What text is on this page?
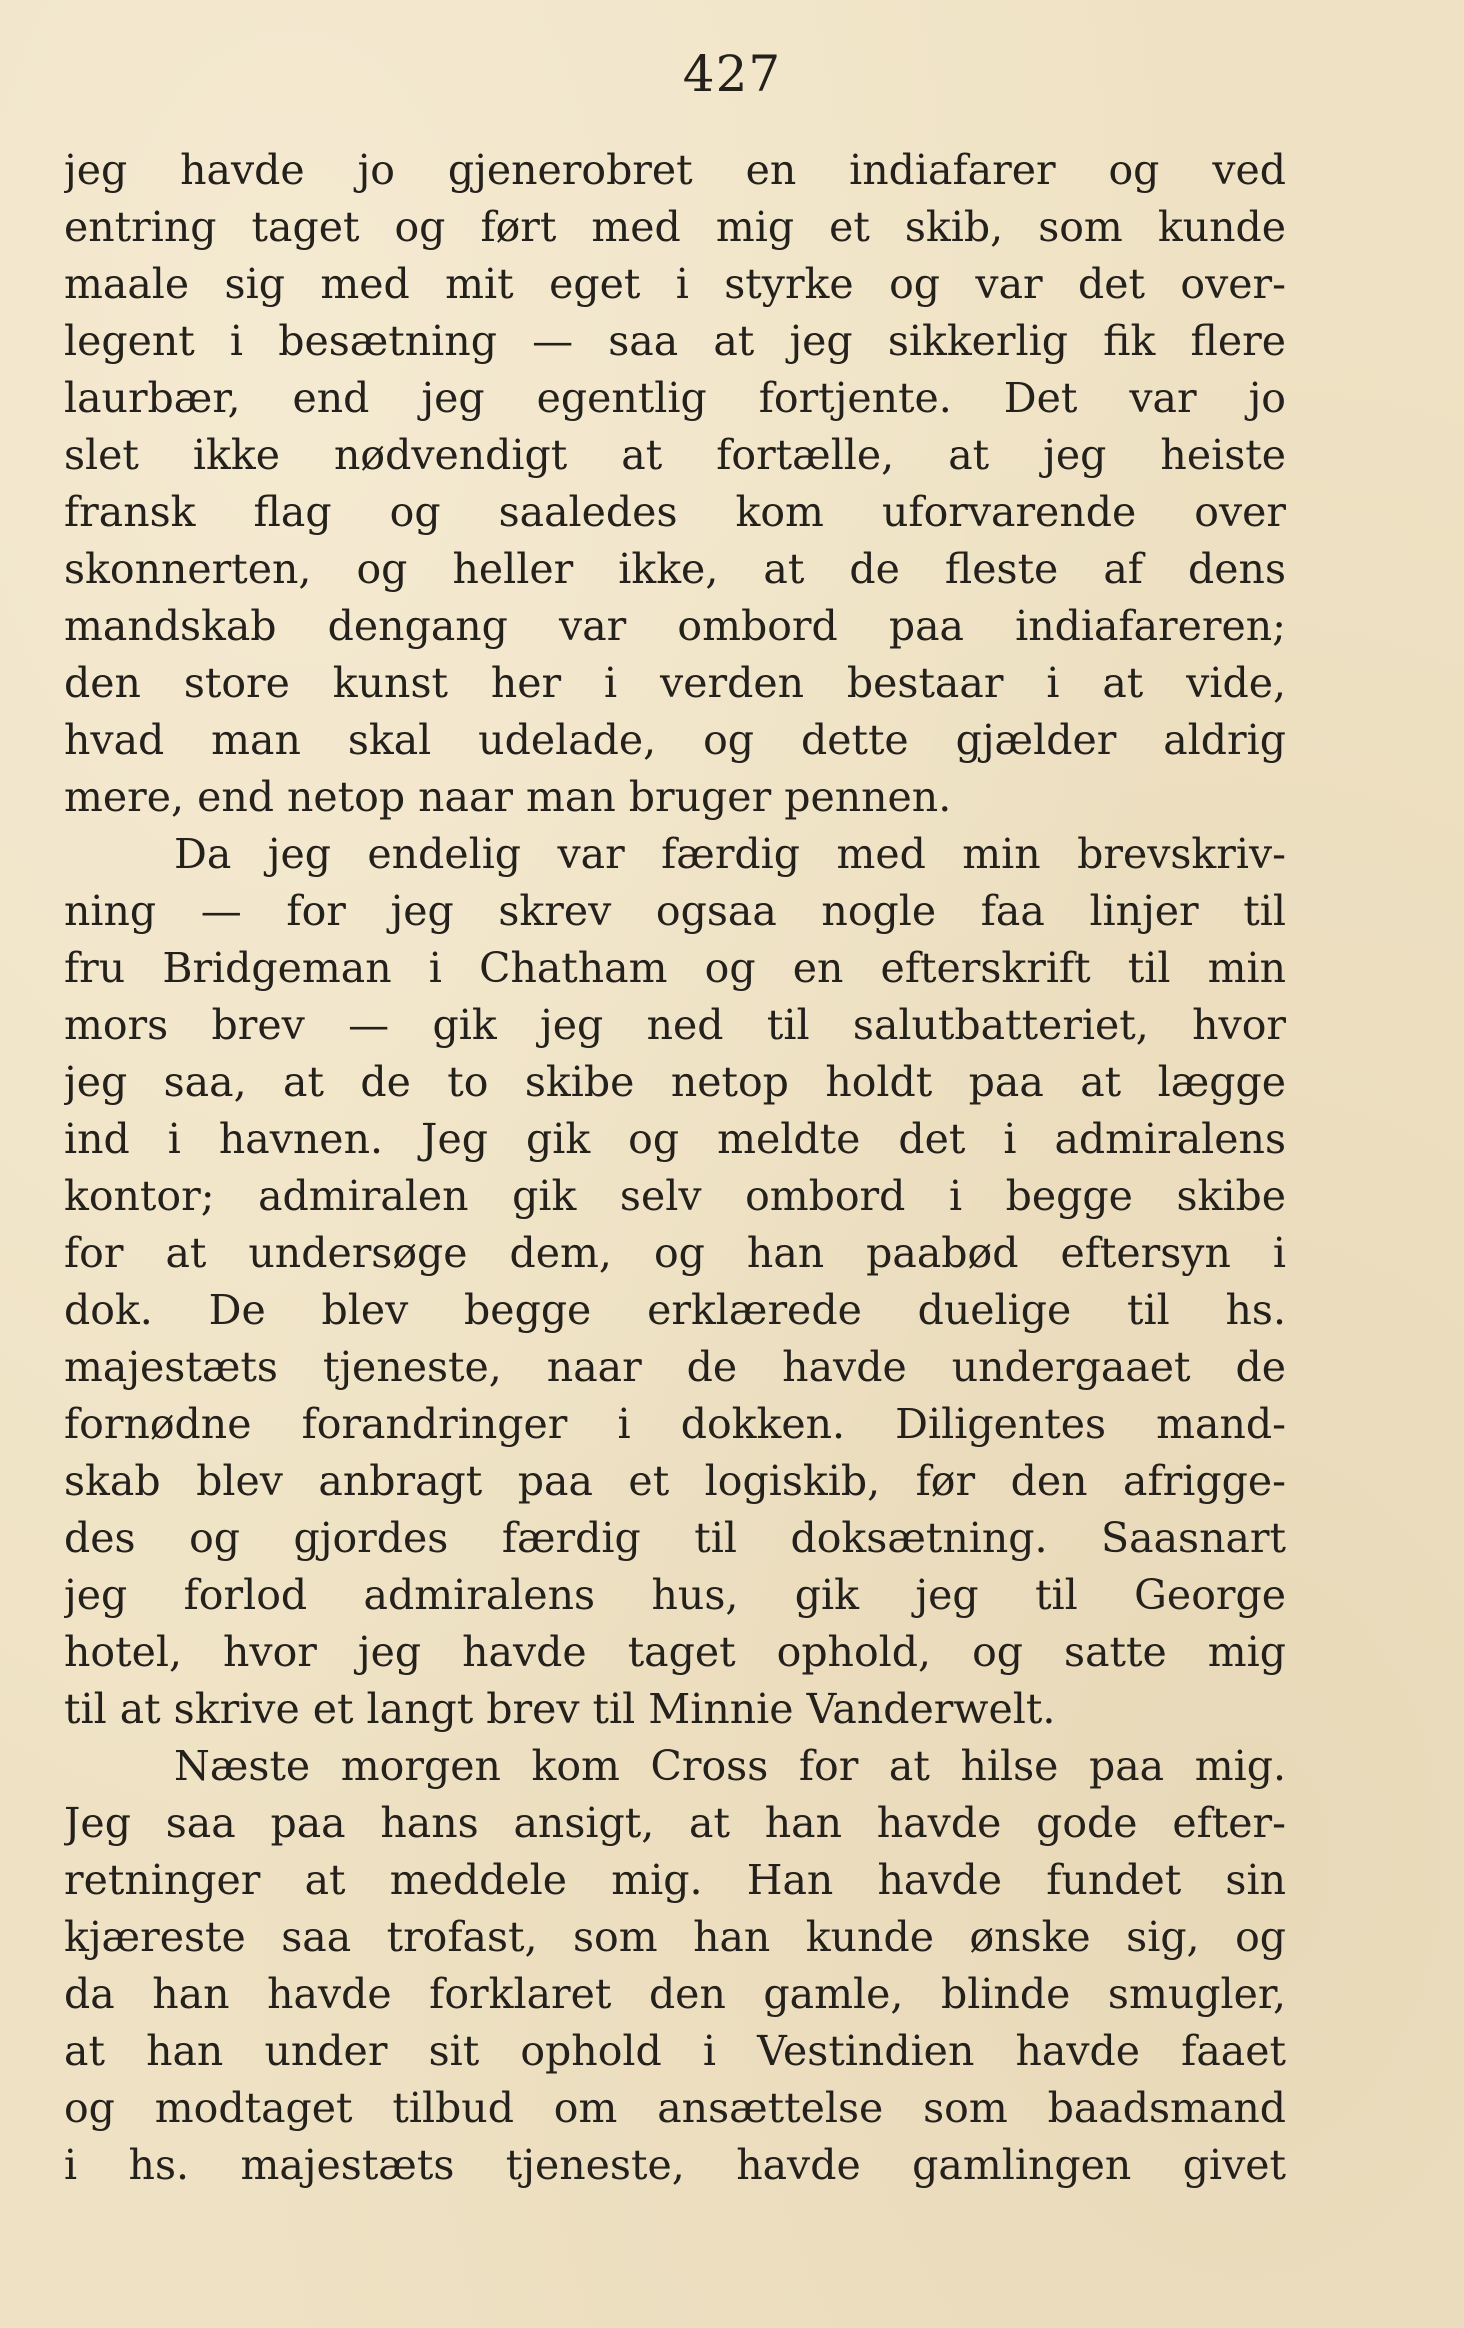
427
jeg havde jo gjenerobret en indiafarer og ved
entring taget og ført med mig et skib, som kunde
maale sig med mit eget i styrke og var det over-
legent i besætning — saa at jeg sikkerlig fik flere
laurbær, end jeg egentlig fortjente. Det var jo
slet ikke nødvendigt at fortælle, at jeg heiste
fransk flag og saaledes kom uforvarende over
skonnerten, og heller ikke, at de fleste af dens
mandskab dengang var ombord paa indiafareren;
den store kunst her i verden bestaar i at vide,
hvad man skal udelade, og dette gjælder aldrig
mere, end netop naar man bruger pennen.
Da jeg endelig var færdig med min brevskriv-
ning — for jeg skrev ogsaa nogle faa linjer til
fru Bridgeman i Chatham og en efterskrift til min
mors brev — gik jeg ned til salutbatteriet, hvor
jeg saa, at de to skibe netop holdt paa at lægge
ind i havnen. Jeg gik og meldte det i admiralens
kontor; admiralen gik selv ombord i begge skibe
for at undersøge dem, og han paabød eftersyn i
dok. De blev begge erklærede duelige til hs.
majestæts tjeneste, naar de havde undergaaet de
fornødne forandringer i dokken. Diligentes mand-
skab blev anbragt paa et logiskib, før den afrigge-
des og gjordes færdig til doksætning. Saasnart
jeg forlod admiralens hus, gik jeg til George
hotel, hvor jeg havde taget ophold, og satte mig
til at skrive et langt brev til Minnie Vanderwelt.
Næste morgen kom Cross for at hilse paa mig.
Jeg saa paa hans ansigt, at han havde gode efter-
retninger at meddele mig. Han havde fundet sin
kjæreste saa trofast, som han kunde ønske sig, og
da han havde forklaret den gamle, blinde smugler,
at han under sit ophold i Vestindien havde faaet
og modtaget tilbud om ansættelse som baadsmand
i hs. majestæts tjeneste, havde gamlingen givet
